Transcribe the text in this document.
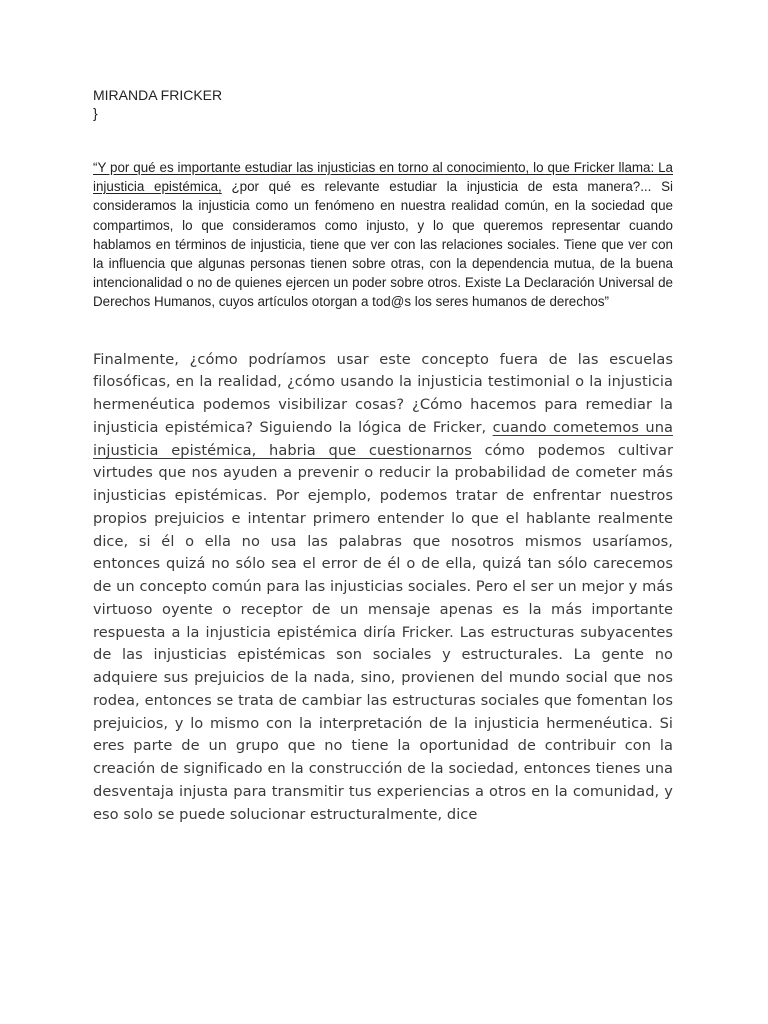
MIRANDA FRICKER

}

“Y por qué es importante estudiar las injusticias en torno al conocimiento, lo que Fricker llama: La injusticia epistémica, ¿por qué es relevante estudiar la injusticia de esta manera?... Si consideramos la injusticia como un fenómeno en nuestra realidad común, en la sociedad que compartimos, lo que consideramos como injusto, y lo que queremos representar cuando hablamos en términos de injusticia, tiene que ver con las relaciones sociales. Tiene que ver con la influencia que algunas personas tienen sobre otras, con la dependencia mutua, de la buena intencionalidad o no de quienes ejercen un poder sobre otros. Existe La Declaración Universal de Derechos Humanos, cuyos artículos otorgan a tod@s los seres humanos de derechos”
Finalmente, ¿cómo podríamos usar este concepto fuera de las escuelas filosóficas, en la realidad, ¿cómo usando la injusticia testimonial o la injusticia hermenéutica podemos visibilizar cosas? ¿Cómo hacemos para remediar la injusticia epistémica? Siguiendo la lógica de Fricker, cuando cometemos una injusticia epistémica, habria que cuestionarnos cómo podemos cultivar virtudes que nos ayuden a prevenir o reducir la probabilidad de cometer más injusticias epistémicas. Por ejemplo, podemos tratar de enfrentar nuestros propios prejuicios e intentar primero entender lo que el hablante realmente dice, si él o ella no usa las palabras que nosotros mismos usaríamos, entonces quizá no sólo sea el error de él o de ella, quizá tan sólo carecemos de un concepto común para las injusticias sociales. Pero el ser un mejor y más virtuoso oyente o receptor de un mensaje apenas es la más importante respuesta a la injusticia epistémica diría Fricker. Las estructuras subyacentes de las injusticias epistémicas son sociales y estructurales. La gente no adquiere sus prejuicios de la nada, sino, provienen del mundo social que nos rodea, entonces se trata de cambiar las estructuras sociales que fomentan los prejuicios, y lo mismo con la interpretación de la injusticia hermenéutica. Si eres parte de un grupo que no tiene la oportunidad de contribuir con la creación de significado en la construcción de la sociedad, entonces tienes una desventaja injusta para transmitir tus experiencias a otros en la comunidad, y eso solo se puede solucionar estructuralmente, dice
